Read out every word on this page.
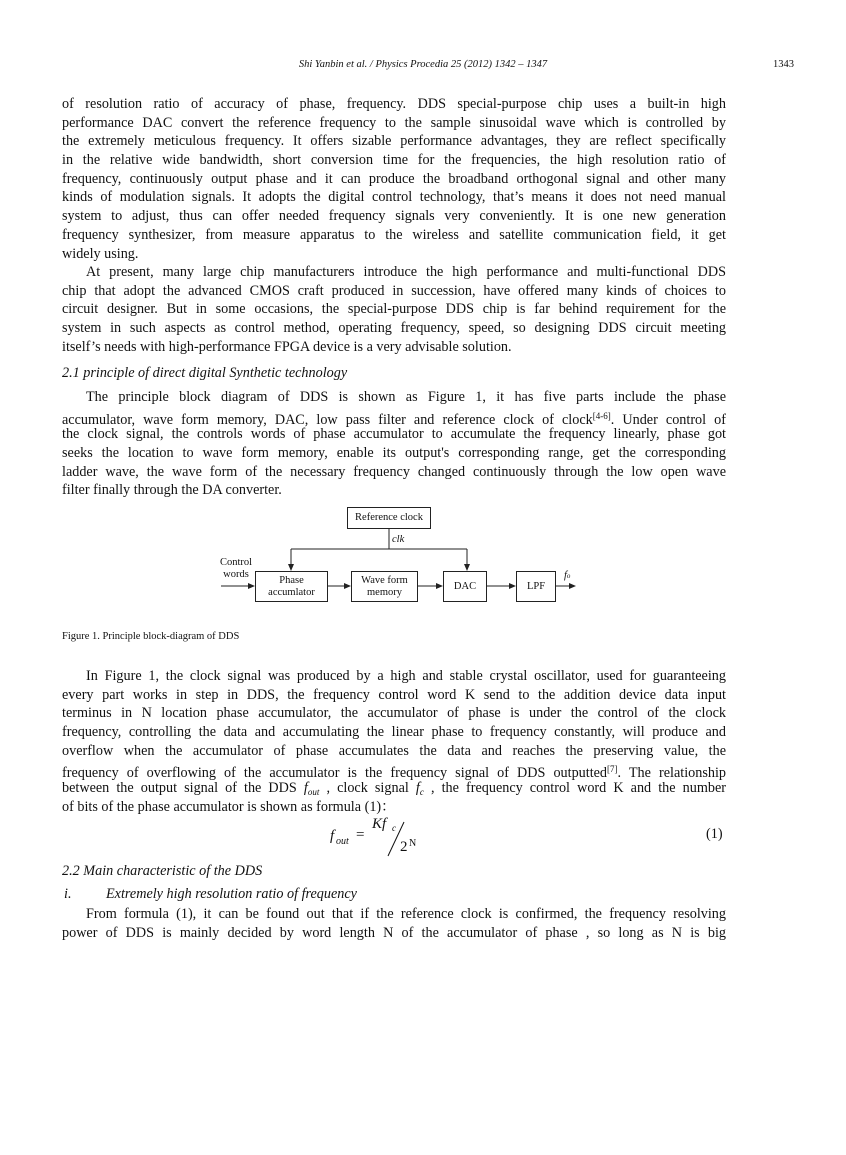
Shi Yanbin et al. / Physics Procedia 25 (2012) 1342 – 1347	1343
of resolution ratio of accuracy of phase, frequency. DDS special-purpose chip uses a built-in high
performance DAC convert the reference frequency to the sample sinusoidal wave which is controlled by
the extremely meticulous frequency. It offers sizable performance advantages, they are reflect specifically
in the relative wide bandwidth, short conversion time for the frequencies, the high resolution ratio of
frequency, continuously output phase and it can produce the broadband orthogonal signal and other many
kinds of modulation signals. It adopts the digital control technology, that’s means it does not need manual
system to adjust, thus can offer needed frequency signals very conveniently. It is one new generation
frequency synthesizer, from measure apparatus to the wireless and satellite communication field, it get
widely using.
At present, many large chip manufacturers introduce the high performance and multi-functional DDS
chip that adopt the advanced CMOS craft produced in succession, have offered many kinds of choices to
circuit designer. But in some occasions, the special-purpose DDS chip is far behind requirement for the
system in such aspects as control method, operating frequency, speed, so designing DDS circuit meeting
itself’s needs with high-performance FPGA device is a very advisable solution.
2.1 principle of direct digital Synthetic technology
The principle block diagram of DDS is shown as Figure 1, it has five parts include the phase
accumulator, wave form memory, DAC, low pass filter and reference clock of clock[4-6]. Under control of
the clock signal, the controls words of phase accumulator to accumulate the frequency linearly, phase got
seeks the location to wave form memory, enable its output's corresponding range, get the corresponding
ladder wave, the wave form of the necessary frequency changed continuously through the low open wave
filter finally through the DA converter.
Reference clock
clk
Control
words	Phase
accumlator
Wave form
memory
DAC	LPF
fo
Figure 1. Principle block-diagram of DDS
In Figure 1, the clock signal was produced by a high and stable crystal oscillator, used for guaranteeing
every part works in step in DDS, the frequency control word K send to the addition device data input
terminus in N location phase accumulator, the accumulator of phase is under the control of the clock
frequency, controlling the data and accumulating the linear phase to frequency constantly, will produce and
overflow when the accumulator of phase accumulates the data and reaches the preserving value, the
frequency of overflowing of the accumulator is the frequency signal of DDS outputted[7]. The relationship
between the output signal of the DDS $f_{out}$ , clock signal $f_c$ , the frequency control word K and the number
of bits of the phase accumulator is shown as formula (1)：
f out =
Kf c
2 N
(1)
2.2 Main characteristic of the DDS
i. Extremely high resolution ratio of frequency
From formula (1), it can be found out that if the reference clock is confirmed, the frequency resolving
power of DDS is mainly decided by word length N of the accumulator of phase , so long as N is big
